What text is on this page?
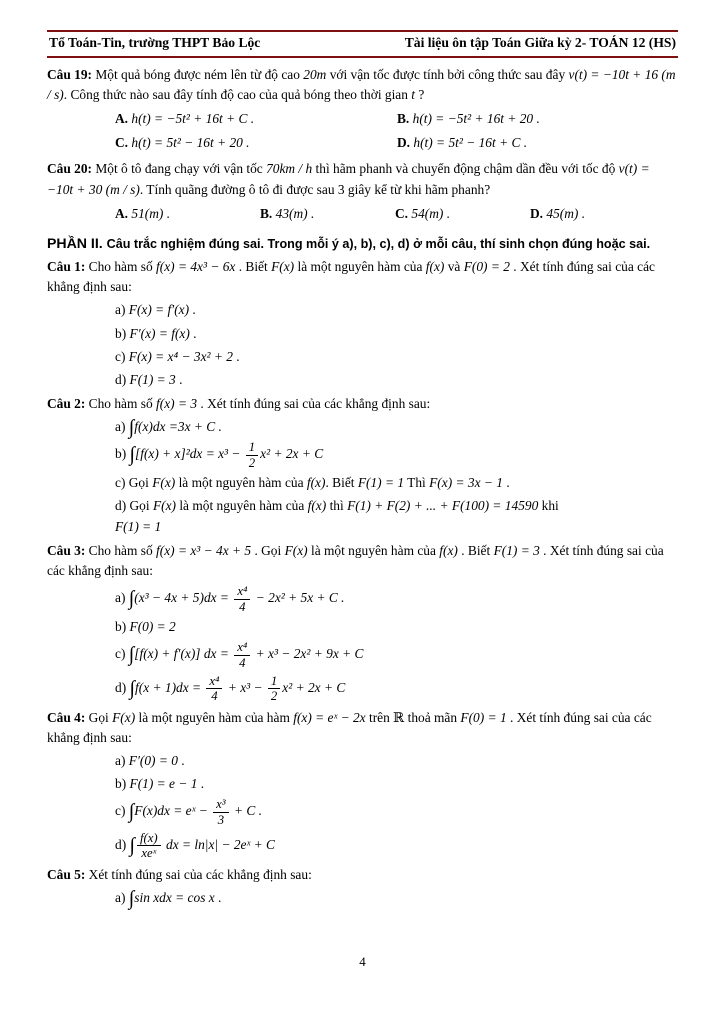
Tổ Toán-Tin, trường THPT Bảo Lộc	Tài liệu ôn tập Toán Giữa kỳ 2- TOÁN 12 (HS)

Câu 19: Một quả bóng được ném lên từ độ cao 20m với vận tốc được tính bởi công thức sau đây v(t) = −10t + 16 (m / s). Công thức nào sau đây tính độ cao của quả bóng theo thời gian t ?

A. h(t) = −5t² + 16t + C .	B. h(t) = −5t² + 16t + 20 .

C. h(t) = 5t² − 16t + 20 .	D. h(t) = 5t² − 16t + C .

Câu 20: Một ô tô đang chạy với vận tốc 70km / h thì hãm phanh và chuyển động chậm dần đều với tốc độ v(t) = −10t + 30 (m / s). Tính quãng đường ô tô đi được sau 3 giây kể từ khi hãm phanh?

A. 51(m) .	B. 43(m) .	C. 54(m) .	D. 45(m) .

PHẦN II. Câu trắc nghiệm đúng sai. Trong mỗi ý a), b), c), d) ở mỗi câu, thí sinh chọn đúng hoặc sai.

Câu 1: Cho hàm số f(x) = 4x³ − 6x . Biết F(x) là một nguyên hàm của f(x) và F(0) = 2 . Xét tính đúng sai của các khẳng định sau:

a) F(x) = f′(x) .
b) F′(x) = f(x) .
c) F(x) = x⁴ − 3x² + 2 .
d) F(1) = 3 .

Câu 2: Cho hàm số f(x) = 3 . Xét tính đúng sai của các khẳng định sau:

a) ∫f(x)dx =3x + C .
b) $\int[f(x) + x]^2dx = x^3 - \frac{1}{2} x^2 + 2x + C$
c) Gọi F(x) là một nguyên hàm của f(x). Biết F(1) = 1 Thì F(x) = 3x − 1 .
d) Gọi F(x) là một nguyên hàm của f(x) thì F(1) + F(2) + ... + F(100) = 14590 khi
F(1) = 1

Câu 3: Cho hàm số f(x) = x³ − 4x + 5 . Gọi F(x) là một nguyên hàm của f(x) . Biết F(1) = 3 . Xét tính đúng sai của các khẳng định sau:

a) $\int(x^3 - 4x + 5)dx = \frac{\text{x⁴}}{4} - 2x^2 + 5x + C$ .
b) F(0) = 2
c) ∫[f(x) + f′(x)] dx = $\frac{\text{x⁴}}{4} + x^3 - 2x^2 + 9x + C$
d) $\int f(x + 1)dx = \frac{\text{x⁴}}{4} + x^3 - \frac{1}{2} x^2 + 2x + C$

Câu 4: Gọi F(x) là một nguyên hàm của hàm f(x) = eˣ − 2x trên ℝ thoả mãn F(0) = 1 . Xét tính đúng sai của các khẳng định sau:

a) F′(0) = 0 .
b) F(1) = e − 1 .
c) ∫F(x)dx = eˣ − $\frac{\text{x³}}{3} + C$ .
d) ∫ $\frac{f(x)}{\text{xeˣ}}$ dx = ln|x| − 2eˣ + C

Câu 5: Xét tính đúng sai của các khẳng định sau:

a) ∫sin xdx = cos x .
4
